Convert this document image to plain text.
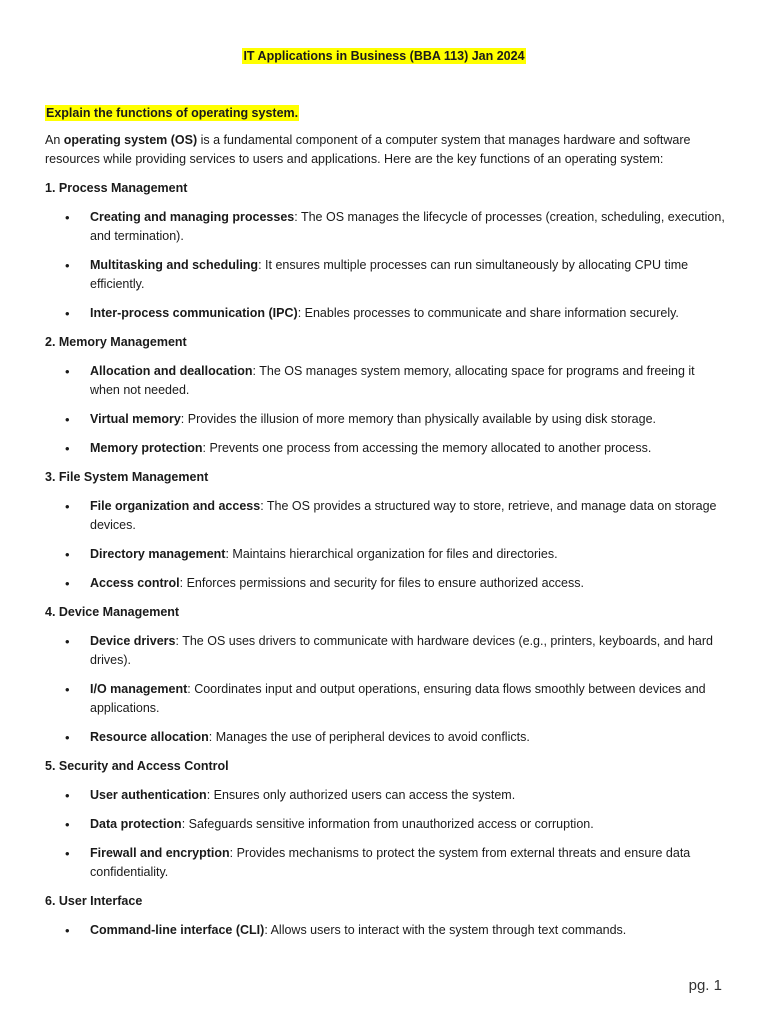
IT Applications in Business (BBA 113) Jan 2024

Explain the functions of operating system.

An operating system (OS) is a fundamental component of a computer system that manages hardware and software resources while providing services to users and applications. Here are the key functions of an operating system:

1. Process Management

• Creating and managing processes: The OS manages the lifecycle of processes (creation, scheduling, execution, and termination).
• Multitasking and scheduling: It ensures multiple processes can run simultaneously by allocating CPU time efficiently.
• Inter-process communication (IPC): Enables processes to communicate and share information securely.

2. Memory Management

• Allocation and deallocation: The OS manages system memory, allocating space for programs and freeing it when not needed.
• Virtual memory: Provides the illusion of more memory than physically available by using disk storage.
• Memory protection: Prevents one process from accessing the memory allocated to another process.

3. File System Management

• File organization and access: The OS provides a structured way to store, retrieve, and manage data on storage devices.
• Directory management: Maintains hierarchical organization for files and directories.
• Access control: Enforces permissions and security for files to ensure authorized access.

4. Device Management

• Device drivers: The OS uses drivers to communicate with hardware devices (e.g., printers, keyboards, and hard drives).
• I/O management: Coordinates input and output operations, ensuring data flows smoothly between devices and applications.
• Resource allocation: Manages the use of peripheral devices to avoid conflicts.

5. Security and Access Control

• User authentication: Ensures only authorized users can access the system.
• Data protection: Safeguards sensitive information from unauthorized access or corruption.
• Firewall and encryption: Provides mechanisms to protect the system from external threats and ensure data confidentiality.

6. User Interface

• Command-line interface (CLI): Allows users to interact with the system through text commands.
pg. 1
